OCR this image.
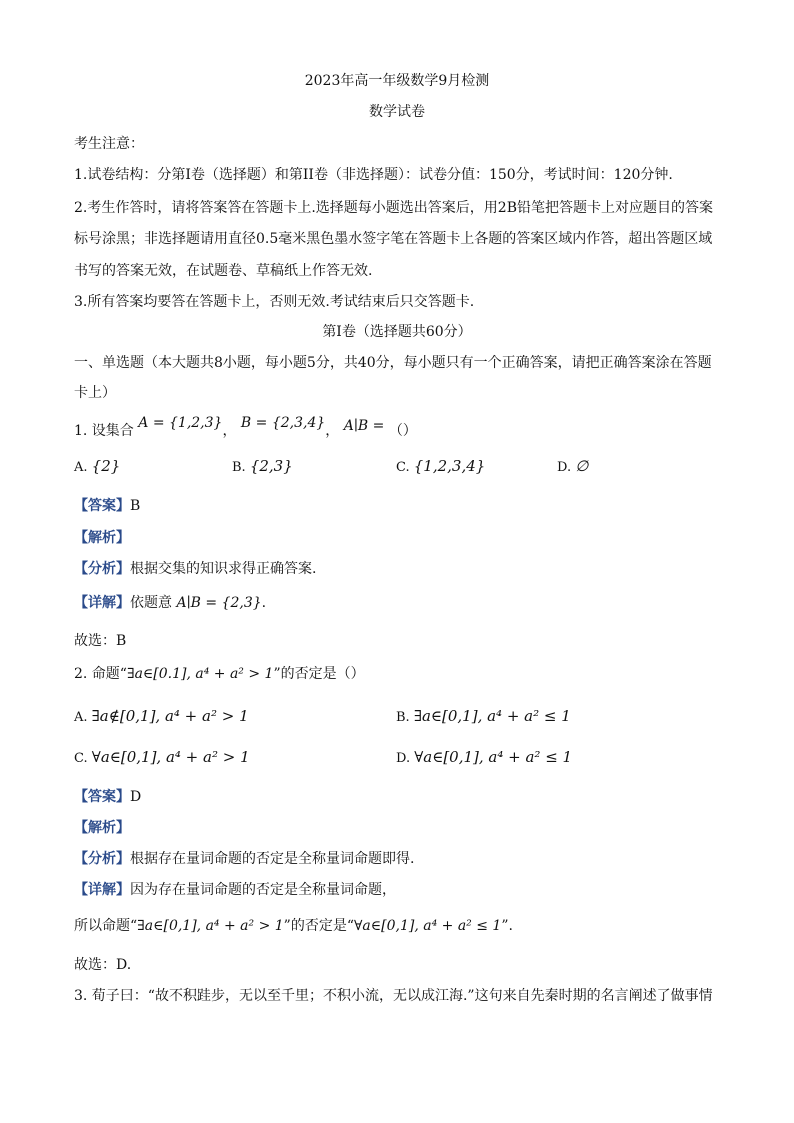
2023年高一年级数学9月检测
数学试卷
考生注意：
1.试卷结构：分第Ⅰ卷（选择题）和第ⅠⅠ卷（非选择题）：试卷分值：150分，考试时间：120分钟.
2.考生作答时，请将答案答在答题卡上.选择题每小题选出答案后，用2B铅笔把答题卡上对应题目的答案
标号涂黑；非选择题请用直径0.5毫米黑色墨水签字笔在答题卡上各题的答案区域内作答，超出答题区域
书写的答案无效，在试题卷、草稿纸上作答无效.
3.所有答案均要答在答题卡上，否则无效.考试结束后只交答题卡.
第Ⅰ卷（选择题共60分）
一、单选题（本大题共8小题，每小题5分，共40分，每小题只有一个正确答案，请把正确答案涂在答题
卡上）
1. 设集合 A = {1,2,3}， B = {2,3,4}， A∣B = （）
A. {2}	B. {2,3}	C. {1,2,3,4}	D. ∅
【答案】B
【解析】
【分析】根据交集的知识求得正确答案.
【详解】依题意 A∣B = {2,3}.
故选：B
2. 命题“∃a∈[0.1], a⁴ + a² > 1”的否定是（）
A. ∃a∉[0,1], a⁴ + a² > 1	B. ∃a∈[0,1], a⁴ + a² ≤ 1
C. ∀a∈[0,1], a⁴ + a² > 1	D. ∀a∈[0,1], a⁴ + a² ≤ 1
【答案】D
【解析】
【分析】根据存在量词命题的否定是全称量词命题即得.
【详解】因为存在量词命题的否定是全称量词命题，
所以命题“∃a∈[0,1], a⁴ + a² > 1”的否定是“∀a∈[0,1], a⁴ + a² ≤ 1”.
故选：D.
3. 荀子曰：“故不积跬步，无以至千里；不积小流，无以成江海.”这句来自先秦时期的名言阐述了做事情
